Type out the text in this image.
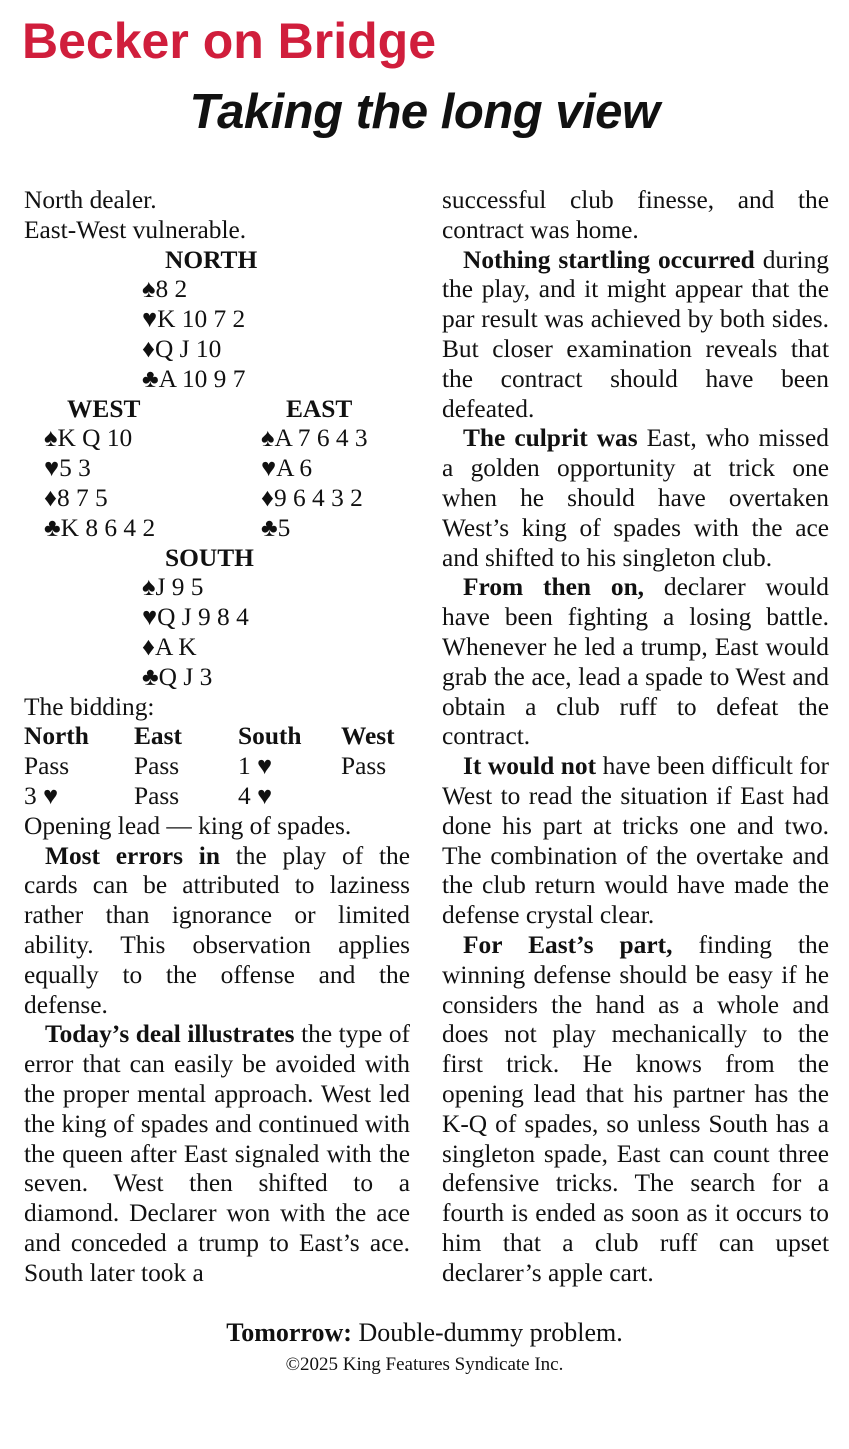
Becker on Bridge
Taking the long view
North dealer.
East-West vulnerable.
NORTH
♠8 2
♥K 10 7 2
♦Q J 10
♣A 10 9 7
WEST
♠K Q 10
♥5 3
♦8 7 5
♣K 8 6 4 2
EAST
♠A 7 6 4 3
♥A 6
♦9 6 4 3 2
♣5
SOUTH
♠J 9 5
♥Q J 9 8 4
♦A K
♣Q J 3
The bidding:
North East South West
Pass	Pass 1 ♥	Pass
3 ♥	Pass 4 ♥
Opening lead — king of spades.

Most errors in the play of the cards can be attributed to laziness rather than ignorance or limited ability. This observation applies equally to the offense and the defense.

Today’s deal illustrates the type of error that can easily be avoided with the proper mental approach. West led the king of spades and continued with the queen after East signaled with the seven. West then shifted to a diamond. Declarer won with the ace and conceded a trump to East’s ace. South later took a

successful club finesse, and the contract was home.

Nothing startling occurred during the play, and it might appear that the par result was achieved by both sides. But closer examination reveals that the contract should have been defeated.

The culprit was East, who missed a golden opportunity at trick one when he should have overtaken West’s king of spades with the ace and shifted to his singleton club.

From then on, declarer would have been fighting a losing battle. Whenever he led a trump, East would grab the ace, lead a spade to West and obtain a club ruff to defeat the contract.

It would not have been difficult for West to read the situation if East had done his part at tricks one and two. The combination of the overtake and the club return would have made the defense crystal clear.

For East’s part, finding the winning defense should be easy if he considers the hand as a whole and does not play mechanically to the first trick. He knows from the opening lead that his partner has the K-Q of spades, so unless South has a singleton spade, East can count three defensive tricks. The search for a fourth is ended as soon as it occurs to him that a club ruff can upset declarer’s apple cart.

Tomorrow: Double-dummy problem.
©2025 King Features Syndicate Inc.
